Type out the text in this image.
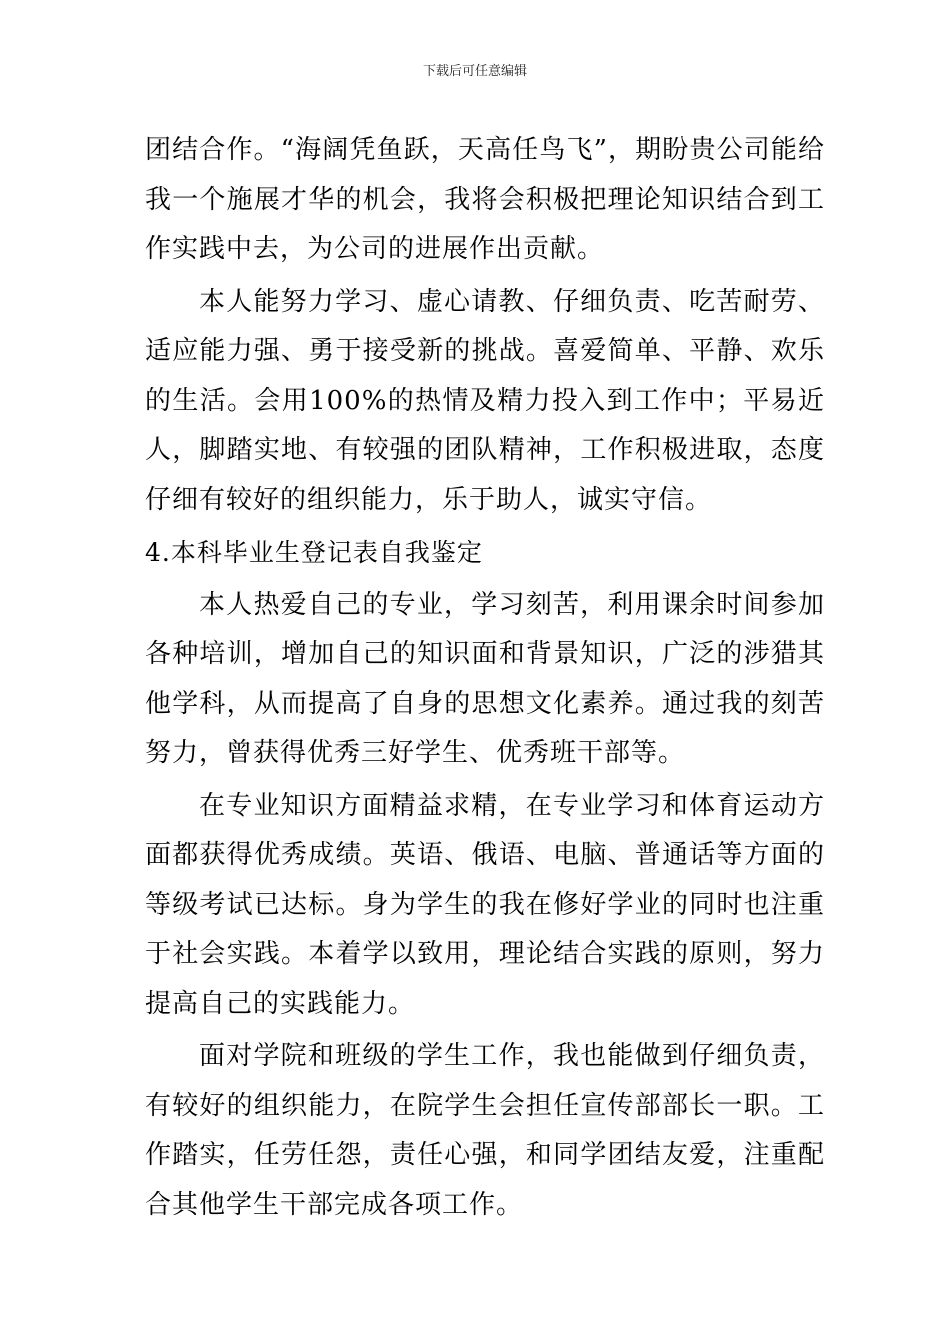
下载后可任意编辑

团结合作。“海阔凭鱼跃，天高任鸟飞”，期盼贵公司能给我一个施展才华的机会，我将会积极把理论知识结合到工作实践中去，为公司的进展作出贡献。

本人能努力学习、虚心请教、仔细负责、吃苦耐劳、适应能力强、勇于接受新的挑战。喜爱简单、平静、欢乐的生活。会用100%的热情及精力投入到工作中；平易近人，脚踏实地、有较强的团队精神，工作积极进取，态度仔细有较好的组织能力，乐于助人，诚实守信。

4.本科毕业生登记表自我鉴定

本人热爱自己的专业，学习刻苦，利用课余时间参加各种培训，增加自己的知识面和背景知识，广泛的涉猎其他学科，从而提高了自身的思想文化素养。通过我的刻苦努力，曾获得优秀三好学生、优秀班干部等。

在专业知识方面精益求精，在专业学习和体育运动方面都获得优秀成绩。英语、俄语、电脑、普通话等方面的等级考试已达标。身为学生的我在修好学业的同时也注重于社会实践。本着学以致用，理论结合实践的原则，努力提高自己的实践能力。

面对学院和班级的学生工作，我也能做到仔细负责，有较好的组织能力，在院学生会担任宣传部部长一职。工作踏实，任劳任怨，责任心强，和同学团结友爱，注重配合其他学生干部完成各项工作。
